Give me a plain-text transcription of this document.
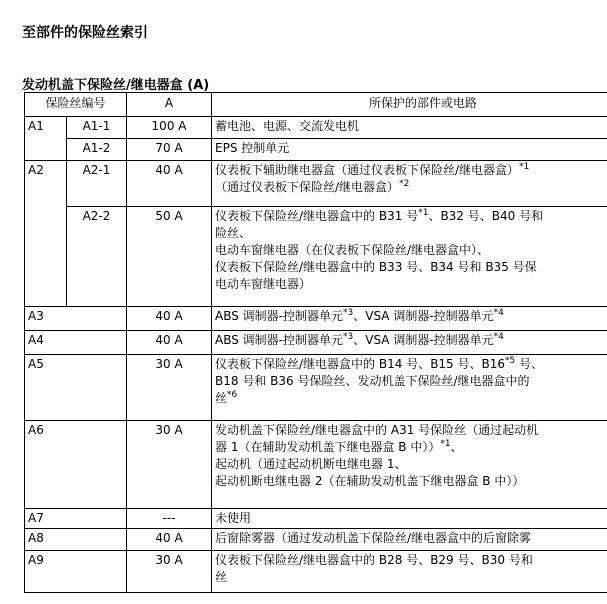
至部件的保险丝索引
发动机盖下保险丝/继电器盒 (A)
保险丝编号		A	所保护的部件或电路
A1	A1-1	100 A	蓄电池、电源、交流发电机

	A1-2	70 A	EPS 控制单元

A2	A2-1	40 A	仪表板下辅助继电器盒（通过仪表板下保险丝/继电器盒）$^{*1}$
（通过仪表板下保险丝/继电器盒）$^{*2}$

	A2-2	50 A	仪表板下保险丝/继电器盒中的 B31 号$^{*1}$、B32 号、B40 号和
险丝、
电动车窗继电器（在仪表板下保险丝/继电器盒中）、
仪表板下保险丝/继电器盒中的 B33 号、B34 号和 B35 号保
电动车窗继电器）

A3		40 A	ABS 调制器-控制器单元$^{*3}$、VSA 调制器-控制器单元$^{*4}$

A4		40 A	ABS 调制器-控制器单元$^{*3}$、VSA 调制器-控制器单元$^{*4}$

A5		30 A	仪表板下保险丝/继电器盒中的 B14 号、B15 号、B16$^{*5}$ 号、
B18 号和 B36 号保险丝、发动机盖下保险丝/继电器盒中的
丝$^{*6}$

A6		30 A	发动机盖下保险丝/继电器盒中的 A31 号保险丝（通过起动机
器 1（在辅助发动机盖下继电器盒 B 中））$^{*1}$、
起动机（通过起动机断电继电器 1、
起动机断电继电器 2（在辅助发动机盖下继电器盒 B 中））

A7		---	未使用

A8		40 A	后窗除雾器（通过发动机盖下保险丝/继电器盒中的后窗除雾

A9		30 A	仪表板下保险丝/继电器盒中的 B28 号、B29 号、B30 号和
丝
